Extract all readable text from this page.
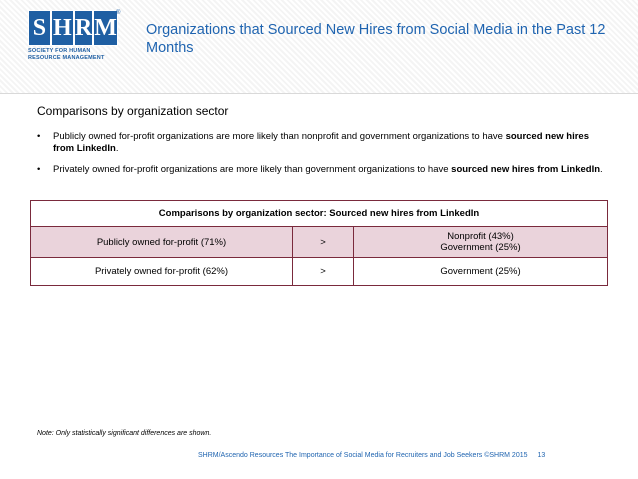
S H R M
®
SOCIETY FOR HUMAN
RESOURCE MANAGEMENT
Organizations that Sourced New Hires from Social Media in the Past 12
Months
Comparisons by organization sector
• Publicly owned for-profit organizations are more likely than nonprofit and government organizations to have sourced new hires from LinkedIn.
• Privately owned for-profit organizations are more likely than government organizations to have sourced new hires from LinkedIn.
Comparisons by organization sector: Sourced new hires from LinkedIn		
Publicly owned for-profit (71%)	>	Nonprofit (43%)
Government (25%)

Privately owned for-profit (62%)	>	Government (25%)
Note: Only statistically significant differences are shown.
SHRM/Ascendo Resources The Importance of Social Media for Recruiters and Job Seekers ©SHRM 2015 13
